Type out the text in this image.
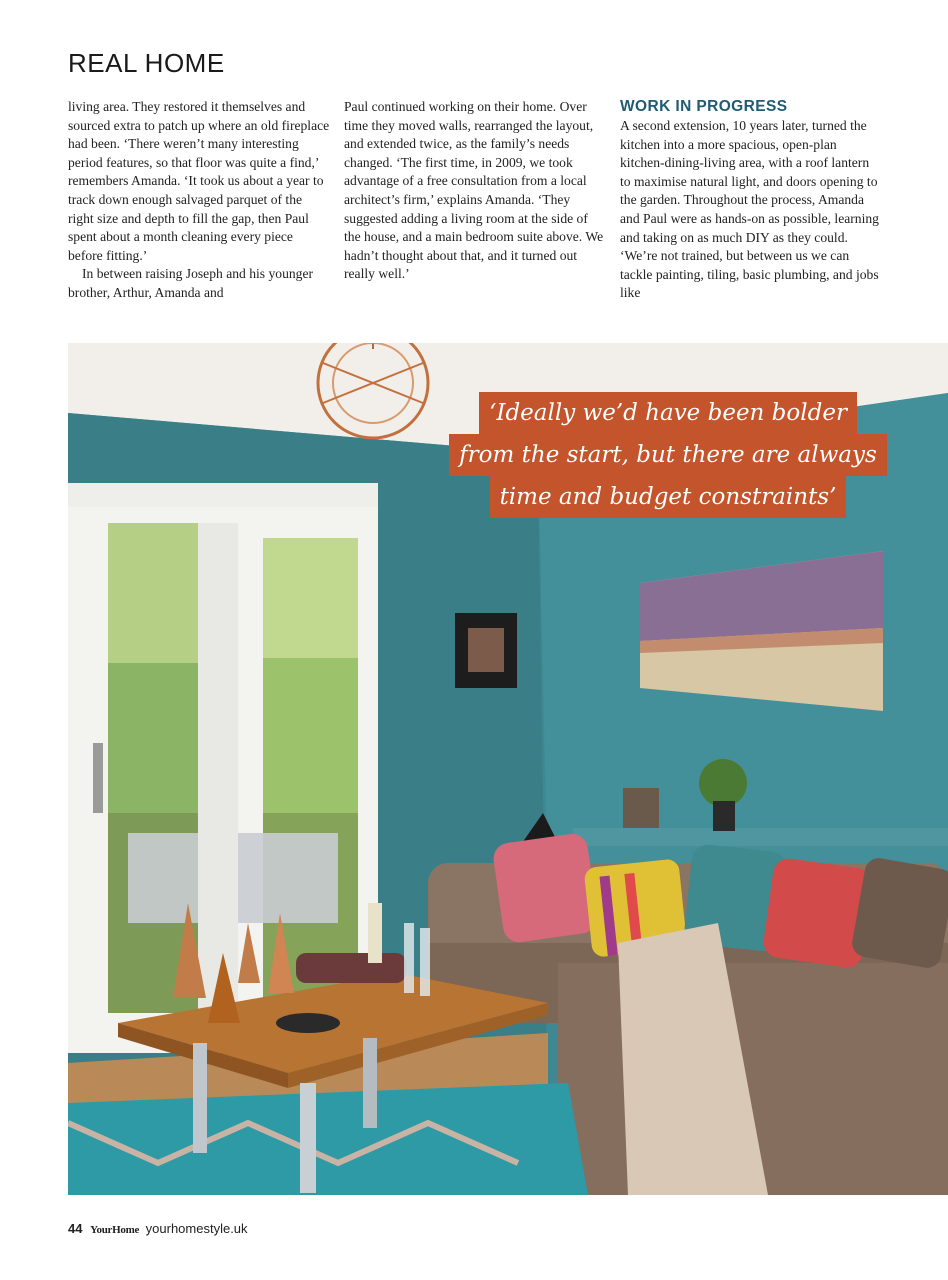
REAL HOME

living area. They restored it themselves and sourced extra to patch up where an old fireplace had been. ‘There weren’t many interesting period features, so that floor was quite a find,’ remembers Amanda. ‘It took us about a year to track down enough salvaged parquet of the right size and depth to fill the gap, then Paul spent about a month cleaning every piece before fitting.’

In between raising Joseph and his younger brother, Arthur, Amanda and

Paul continued working on their home. Over time they moved walls, rearranged the layout, and extended twice, as the family’s needs changed. ‘The first time, in 2009, we took advantage of a free consultation from a local architect’s firm,’ explains Amanda. ‘They suggested adding a living room at the side of the house, and a main bedroom suite above. We hadn’t thought about that, and it turned out really well.’

WORK IN PROGRESS

A second extension, 10 years later, turned the kitchen into a more spacious, open-plan kitchen-dining-living area, with a roof lantern to maximise natural light, and doors opening to the garden. Throughout the process, Amanda and Paul were as hands-on as possible, learning and taking on as much DIY as they could. ‘We’re not trained, but between us we can tackle painting, tiling, basic plumbing, and jobs like

‘Ideally we’d have been bolder
from the start, but there are always
time and budget constraints’
44 YourHome yourhomestyle.uk
